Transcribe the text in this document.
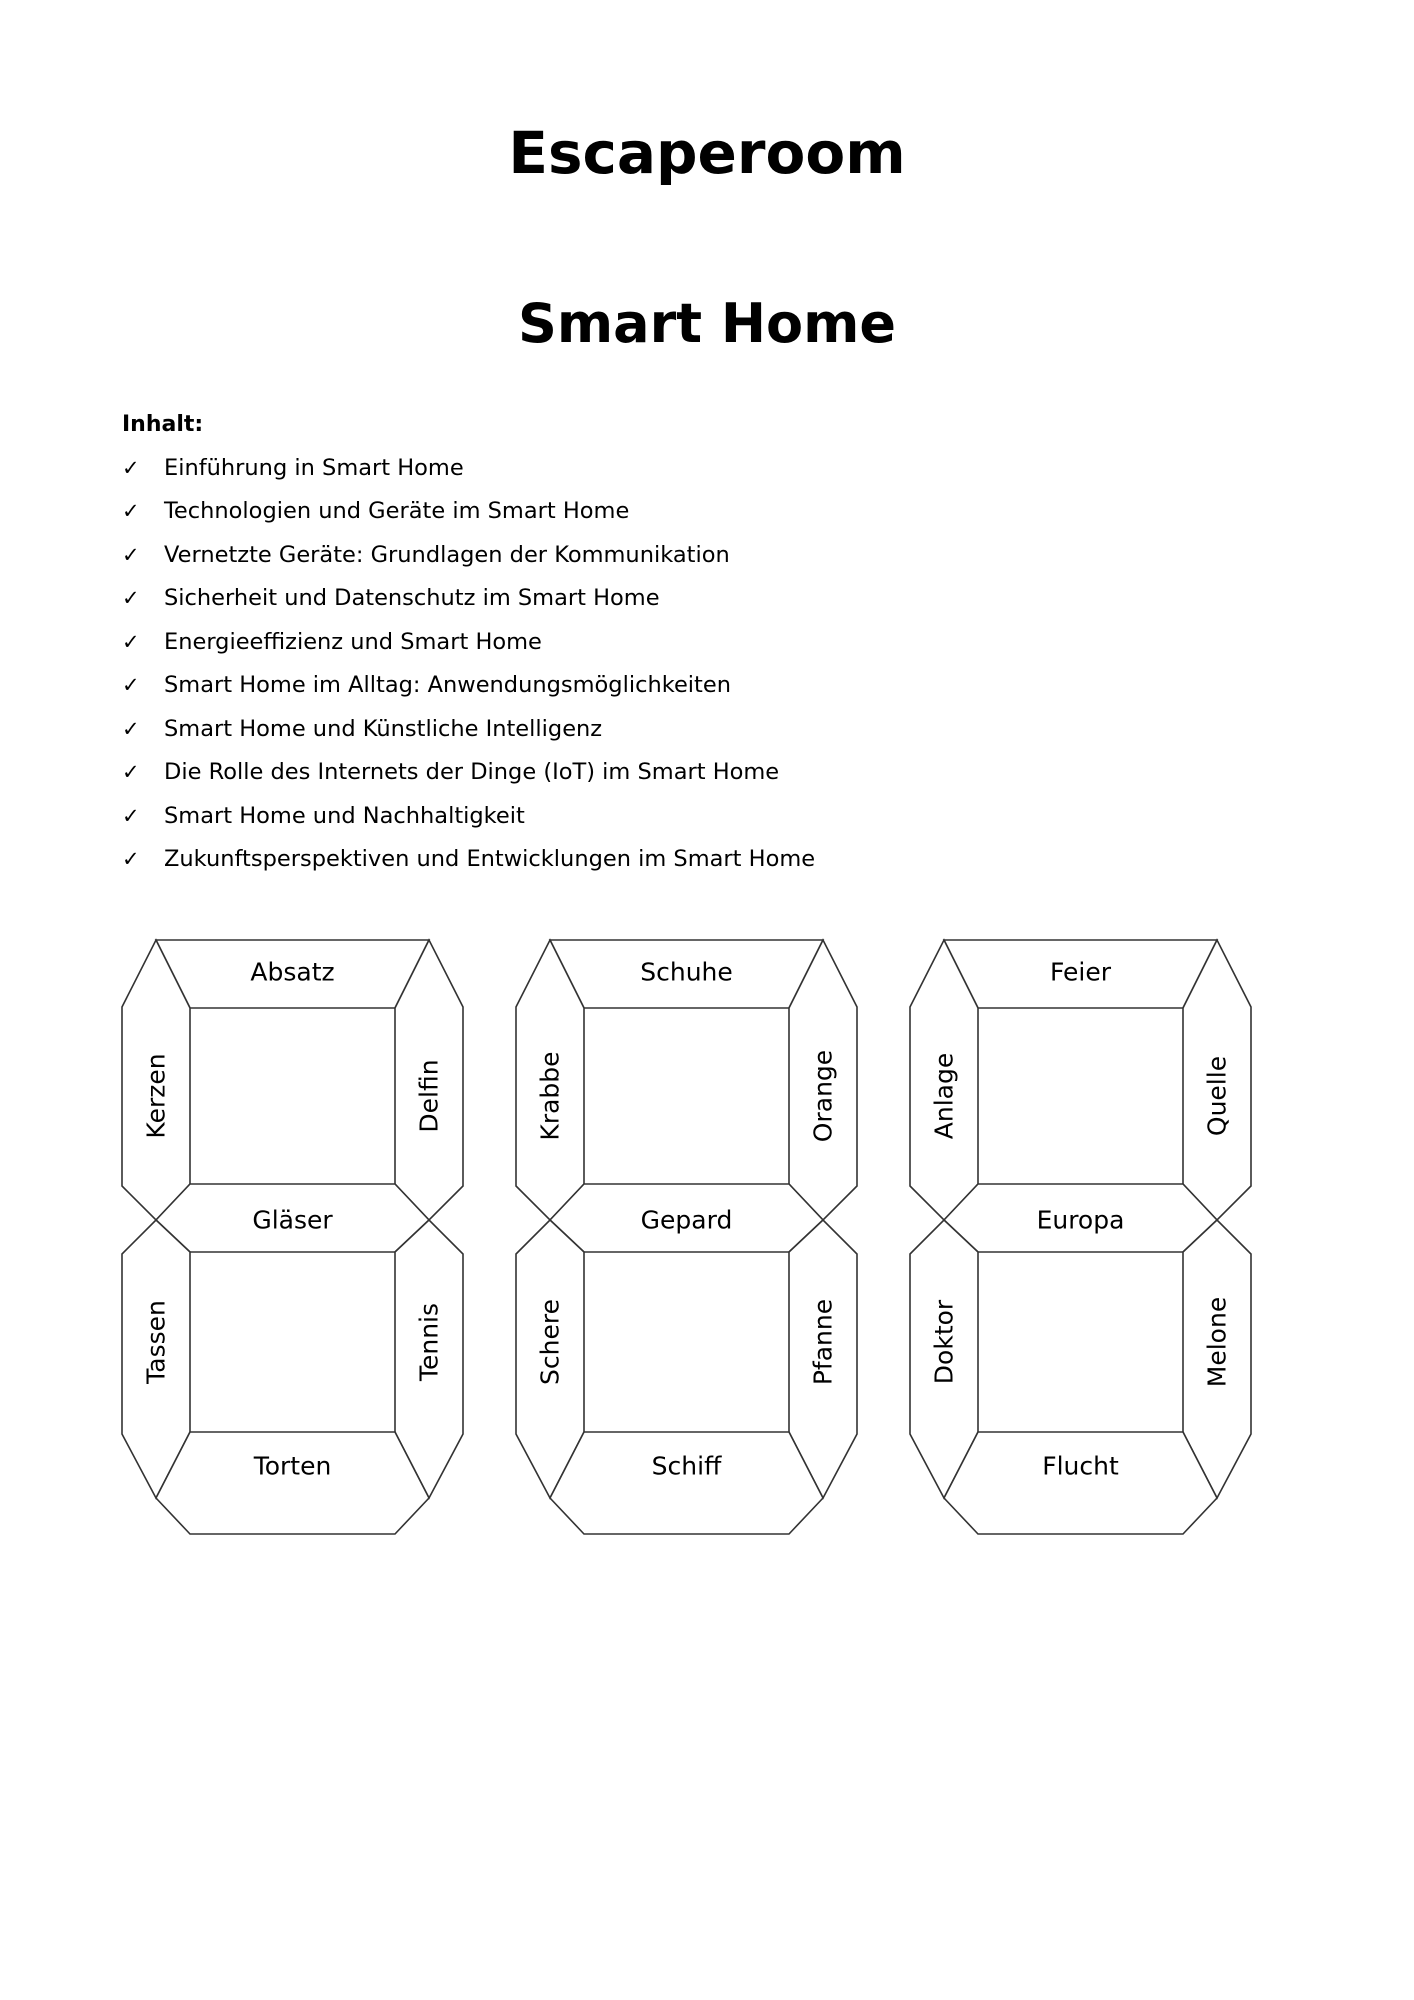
Escaperoom
Smart Home

Inhalt:

✓	Einführung in Smart Home
✓	Technologien und Geräte im Smart Home
✓	Vernetzte Geräte: Grundlagen der Kommunikation
✓	Sicherheit und Datenschutz im Smart Home
✓	Energieeffizienz und Smart Home
✓	Smart Home im Alltag: Anwendungsmöglichkeiten
✓	Smart Home und Künstliche Intelligenz
✓	Die Rolle des Internets der Dinge (IoT) im Smart Home
✓	Smart Home und Nachhaltigkeit
✓	Zukunftsperspektiven und Entwicklungen im Smart Home
Absatz
Kerzen	Delfin
Gläser
Tassen	Tennis
Torten
Schuhe
Krabbe	Orange
Gepard
Schere	Pfanne
Schiff
Feier
Anlage	Quelle
Europa
Doktor	Melone
Flucht
